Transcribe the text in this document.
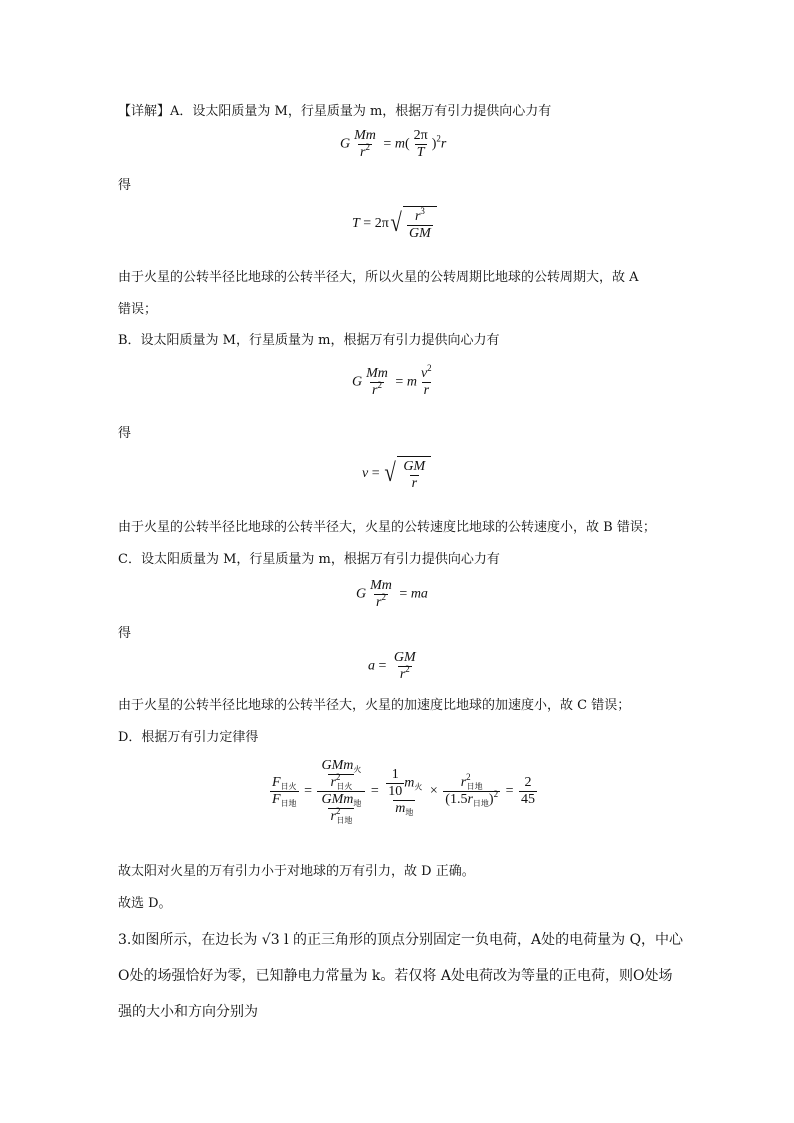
【详解】A．设太阳质量为 M，行星质量为 m，根据万有引力提供向心力有
G $\frac{Mm}{r^2} = m( \frac{2\pi}{T} )^2r$
得
T = 2π √ $\frac{r^3}{GM}$
由于火星的公转半径比地球的公转半径大，所以火星的公转周期比地球的公转周期大，故 A
错误；
B．设太阳质量为 M，行星质量为 m，根据万有引力提供向心力有
G $\frac{Mm}{r^2} = m \frac{v^2}{r}$
得
v = √ $\frac{GM}{r}$
由于火星的公转半径比地球的公转半径大，火星的公转速度比地球的公转速度小，故 B 错误；
C．设太阳质量为 M，行星质量为 m，根据万有引力提供向心力有
G $\frac{Mm}{r^2}$ = ma
得
$a = \frac{GM}{r^2}$
由于火星的公转半径比地球的公转半径大，火星的加速度比地球的加速度小，故 C 错误；
D．根据万有引力定律得
$\frac{F_{日火}}{F_{日地}} = \frac{\frac{GMm_火}{r^2_{日火}}}{\frac{GMm_地}{r^2_{日地}}} = \frac{\frac{1}{10} m_火}{m_地} \times \frac{r^2_{日地}}{(1.5r_{日地})^2} = \frac{2}{45}$
故太阳对火星的万有引力小于对地球的万有引力，故 D 正确。
故选 D。
3.如图所示，在边长为 √3 l 的正三角形的顶点分别固定一负电荷，A处的电荷量为 Q，中心
O处的场强恰好为零，已知静电力常量为 k。若仅将 A处电荷改为等量的正电荷，则O处场
强的大小和方向分别为
